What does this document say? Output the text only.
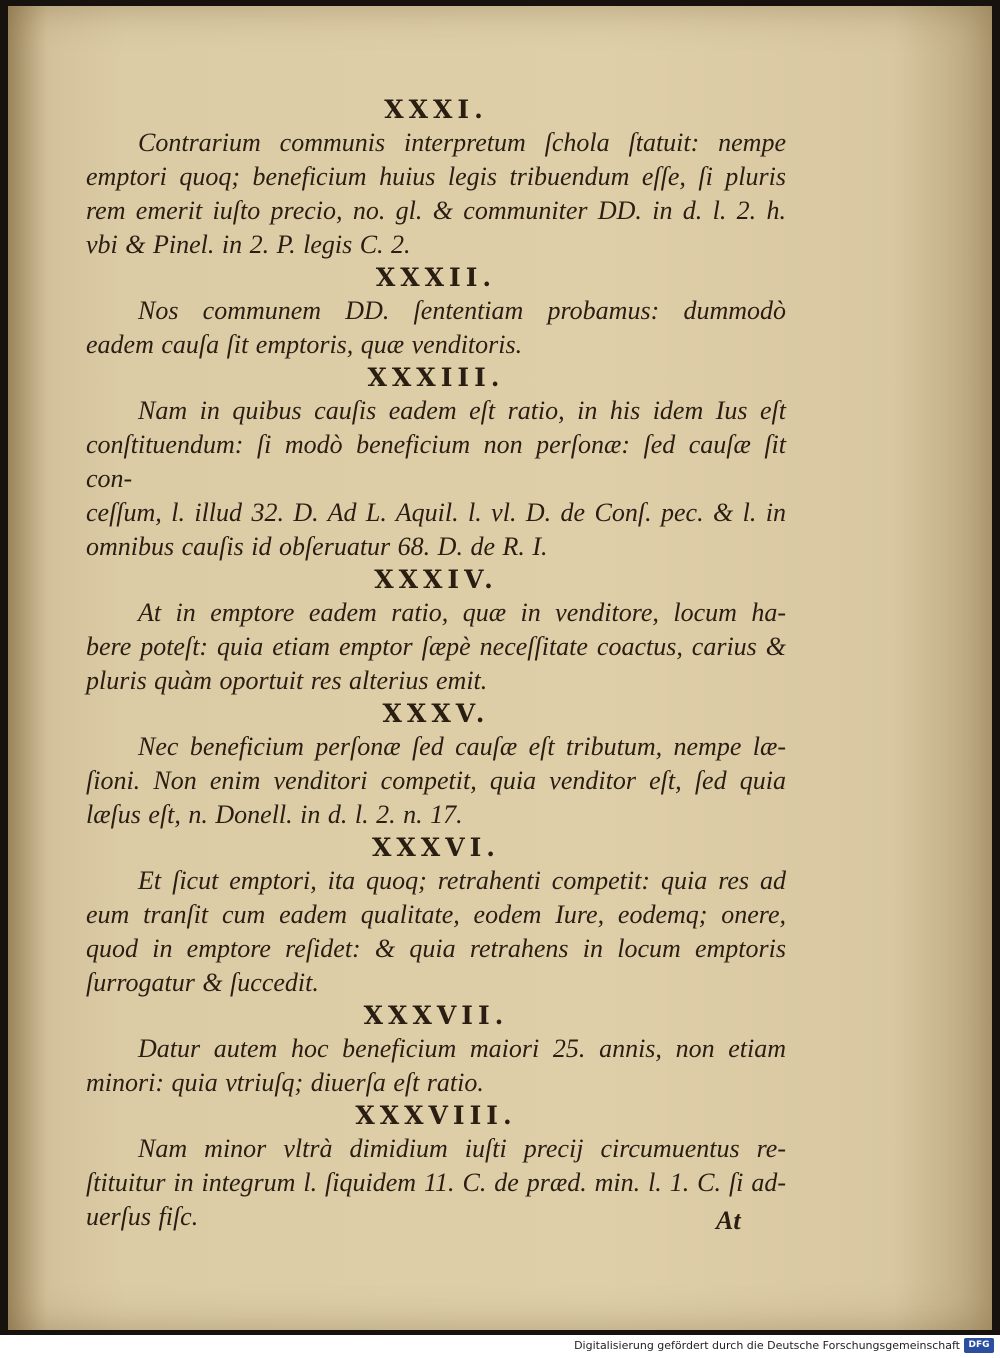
XXXI.
Contrarium communis interpretum ſchola ſtatuit: nempe
emptori quoq; beneficium huius legis tribuendum eſſe, ſi pluris
rem emerit iuſto precio, no. gl. & communiter DD. in d. l. 2. h.
vbi & Pinel. in 2. P. legis C. 2.
XXXII.
Nos communem DD. ſententiam probamus: dummodò
eadem cauſa ſit emptoris, quæ venditoris.
XXXIII.
Nam in quibus cauſis eadem eſt ratio, in his idem Ius eſt
conſtituendum: ſi modò beneficium non perſonæ: ſed cauſæ ſit con-
ceſſum, l. illud 32. D. Ad L. Aquil. l. vl. D. de Conſ. pec. & l. in
omnibus cauſis id obſeruatur 68. D. de R. I.
XXXIV.
At in emptore eadem ratio, quæ in venditore, locum ha-
bere poteſt: quia etiam emptor ſæpè neceſſitate coactus, carius &
pluris quàm oportuit res alterius emit.
XXXV.
Nec beneficium perſonæ ſed cauſæ eſt tributum, nempe læ-
ſioni. Non enim venditori competit, quia venditor eſt, ſed quia
læſus eſt, n. Donell. in d. l. 2. n. 17.
XXXVI.
Et ſicut emptori, ita quoq; retrahenti competit: quia res ad
eum tranſit cum eadem qualitate, eodem Iure, eodemq; onere,
quod in emptore reſidet: & quia retrahens in locum emptoris
ſurrogatur & ſuccedit.
XXXVII.
Datur autem hoc beneficium maiori 25. annis, non etiam
minori: quia vtriuſq; diuerſa eſt ratio.
XXXVIII.
Nam minor vltrà dimidium iuſti precij circumuentus re-
ſtituitur in integrum l. ſiquidem 11. C. de præd. min. l. 1. C. ſi ad-
uerſus fiſc.	At
Digitalisierung gefördert durch die Deutsche Forschungsgemeinschaft DFG
